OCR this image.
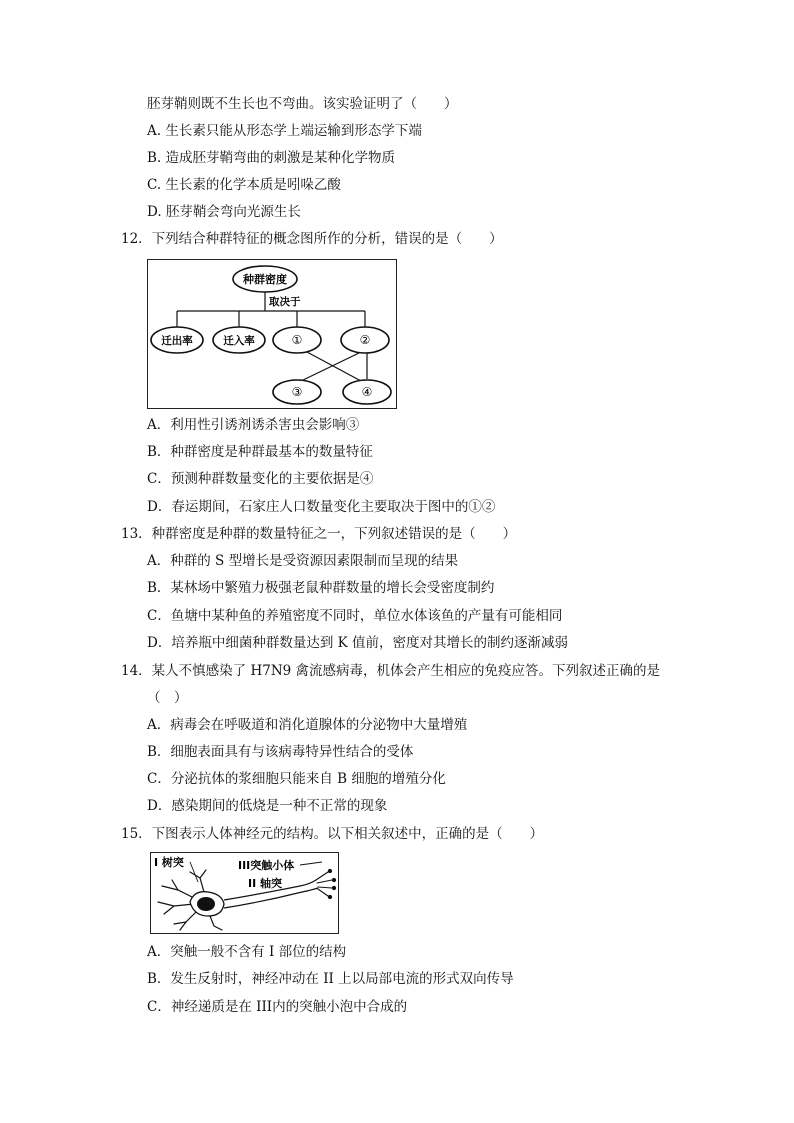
胚芽鞘则既不生长也不弯曲。该实验证明了（　　）
A. 生长素只能从形态学上端运输到形态学下端
B. 造成胚芽鞘弯曲的刺激是某种化学物质
C. 生长素的化学本质是吲哚乙酸
D. 胚芽鞘会弯向光源生长
12．下列结合种群特征的概念图所作的分析，错误的是（　　）
种群密度
取决于
迁出率	迁入率	①	②
③	④
A．利用性引诱剂诱杀害虫会影响③
B．种群密度是种群最基本的数量特征
C．预测种群数量变化的主要依据是④
D．春运期间，石家庄人口数量变化主要取决于图中的①②
13．种群密度是种群的数量特征之一，下列叙述错误的是（　　）
A．种群的 S 型增长是受资源因素限制而呈现的结果
B．某林场中繁殖力极强老鼠种群数量的增长会受密度制约
C．鱼塘中某种鱼的养殖密度不同时，单位水体该鱼的产量有可能相同
D．培养瓶中细菌种群数量达到 K 值前，密度对其增长的制约逐渐减弱
14．某人不慎感染了 H7N9 禽流感病毒，机体会产生相应的免疫应答。下列叙述正确的是
（　）
A．病毒会在呼吸道和消化道腺体的分泌物中大量增殖
B．细胞表面具有与该病毒特异性结合的受体
C．分泌抗体的浆细胞只能来自 B 细胞的增殖分化
D．感染期间的低烧是一种不正常的现象
15．下图表示人体神经元的结构。以下相关叙述中，正确的是（　　）
I 树突	III突触小体
II 轴突
A．突触一般不含有 I 部位的结构
B．发生反射时，神经冲动在 II 上以局部电流的形式双向传导
C．神经递质是在 III内的突触小泡中合成的
